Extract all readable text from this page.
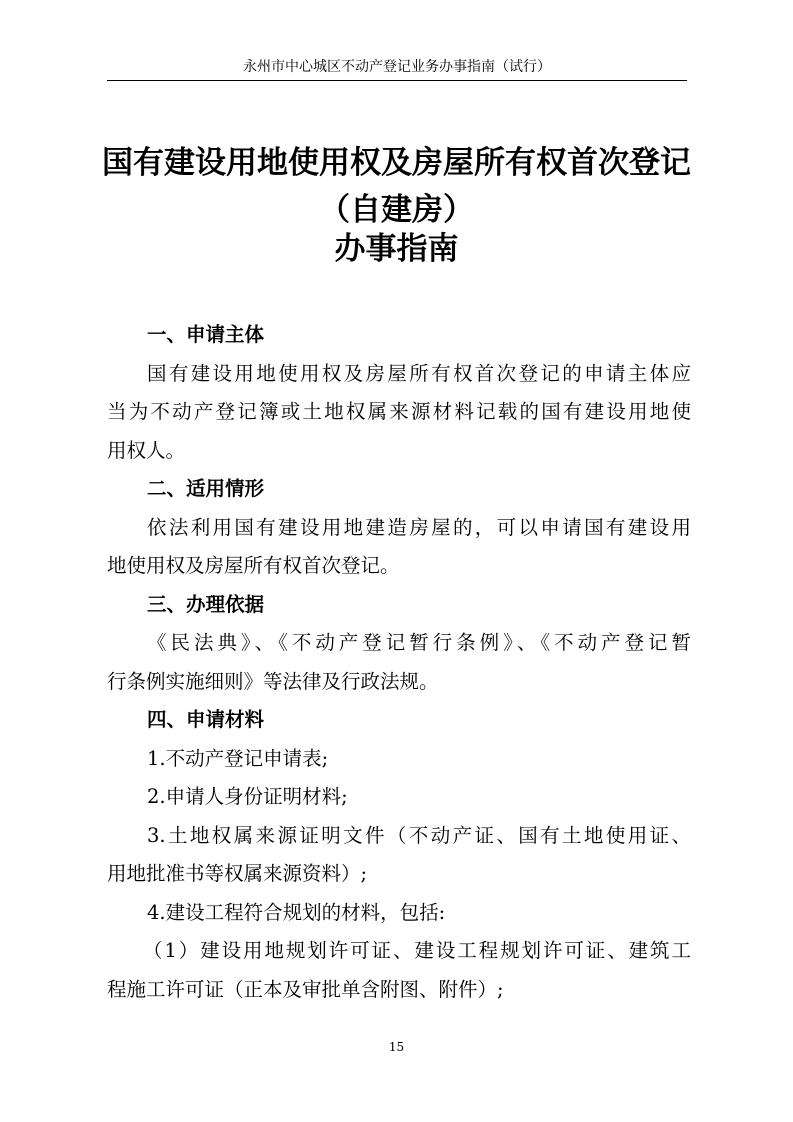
永州市中心城区不动产登记业务办事指南（试行）
国有建设用地使用权及房屋所有权首次登记
（自建房）
办事指南
一、申请主体
国有建设用地使用权及房屋所有权首次登记的申请主体应
当为不动产登记簿或土地权属来源材料记载的国有建设用地使
用权人。
二、适用情形
依法利用国有建设用地建造房屋的，可以申请国有建设用
地使用权及房屋所有权首次登记。
三、办理依据
《民法典》、《不动产登记暂行条例》、《不动产登记暂
行条例实施细则》等法律及行政法规。
四、申请材料
1.不动产登记申请表;
2.申请人身份证明材料;
3.土地权属来源证明文件（不动产证、国有土地使用证、
用地批准书等权属来源资料）;
4.建设工程符合规划的材料，包括:
（1）建设用地规划许可证、建设工程规划许可证、建筑工
程施工许可证（正本及审批单含附图、附件）;
15
